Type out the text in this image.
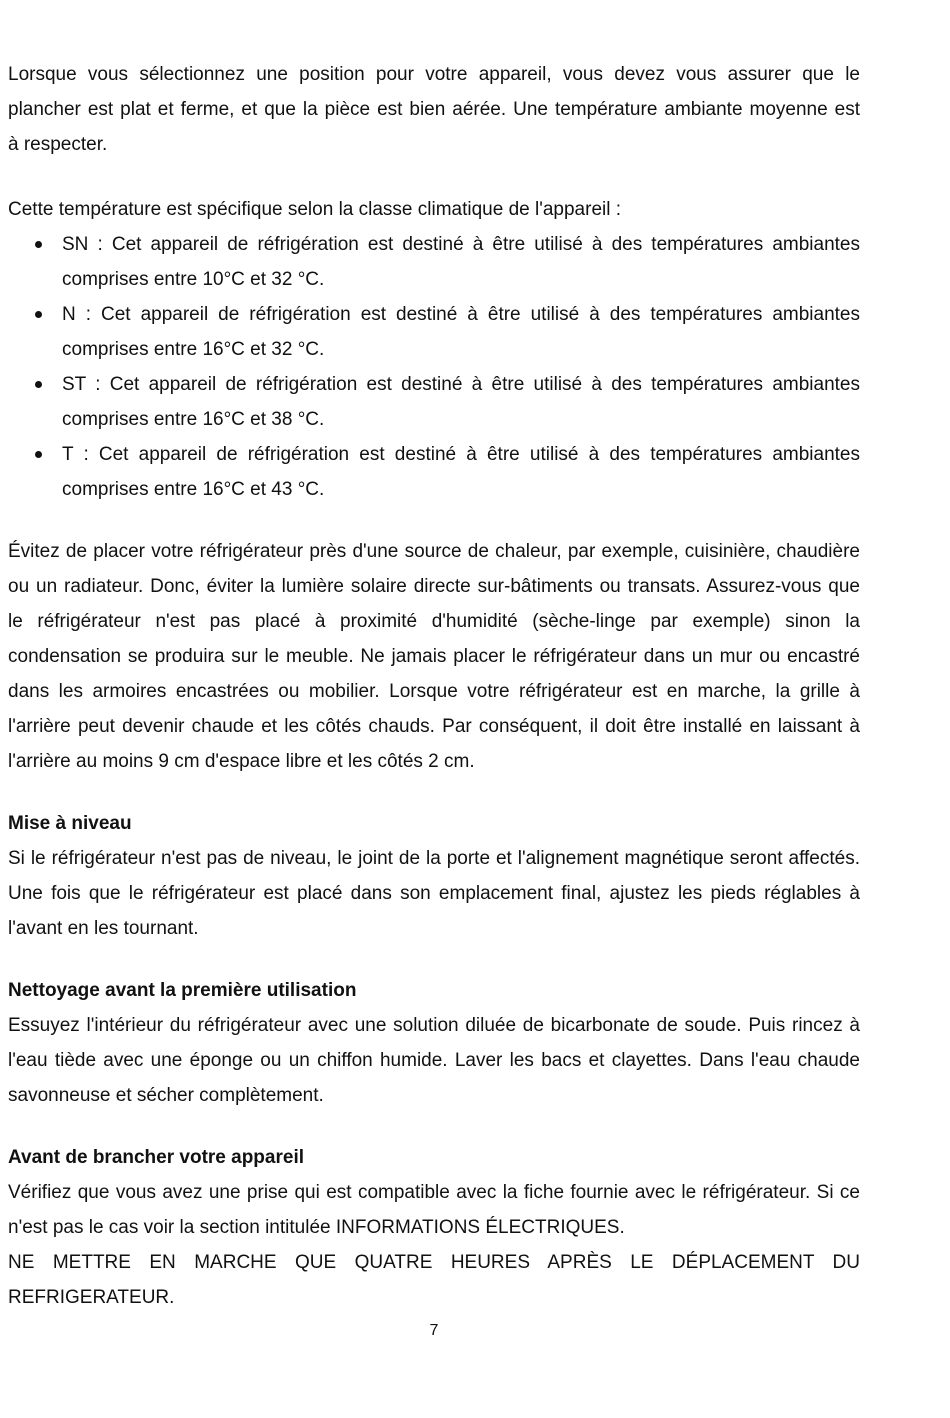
Lorsque vous sélectionnez une position pour votre appareil, vous devez vous assurer que le
plancher est plat et ferme, et que la pièce est bien aérée. Une température ambiante moyenne est
à respecter.
Cette température est spécifique selon la classe climatique de l'appareil :
SN : Cet appareil de réfrigération est destiné à être utilisé à des températures ambiantes
comprises entre 10°C et 32 °C.
N : Cet appareil de réfrigération est destiné à être utilisé à des températures ambiantes
comprises entre 16°C et 32 °C.
ST : Cet appareil de réfrigération est destiné à être utilisé à des températures ambiantes
comprises entre 16°C et 38 °C.
T : Cet appareil de réfrigération est destiné à être utilisé à des températures ambiantes
comprises entre 16°C et 43 °C.
Évitez de placer votre réfrigérateur près d'une source de chaleur, par exemple, cuisinière, chaudière
ou un radiateur. Donc, éviter la lumière solaire directe sur-bâtiments ou transats. Assurez-vous que
le réfrigérateur n'est pas placé à proximité d'humidité (sèche-linge par exemple) sinon la
condensation se produira sur le meuble. Ne jamais placer le réfrigérateur dans un mur ou encastré
dans les armoires encastrées ou mobilier. Lorsque votre réfrigérateur est en marche, la grille à
l'arrière peut devenir chaude et les côtés chauds. Par conséquent, il doit être installé en laissant à
l'arrière au moins 9 cm d'espace libre et les côtés 2 cm.
Mise à niveau
Si le réfrigérateur n'est pas de niveau, le joint de la porte et l'alignement magnétique seront affectés.
Une fois que le réfrigérateur est placé dans son emplacement final, ajustez les pieds réglables à
l'avant en les tournant.
Nettoyage avant la première utilisation
Essuyez l'intérieur du réfrigérateur avec une solution diluée de bicarbonate de soude. Puis rincez à
l'eau tiède avec une éponge ou un chiffon humide. Laver les bacs et clayettes. Dans l'eau chaude
savonneuse et sécher complètement.
Avant de brancher votre appareil
Vérifiez que vous avez une prise qui est compatible avec la fiche fournie avec le réfrigérateur. Si ce
n'est pas le cas voir la section intitulée INFORMATIONS ÉLECTRIQUES.
NE METTRE EN MARCHE QUE QUATRE HEURES APRÈS LE DÉPLACEMENT DU
REFRIGERATEUR.
7
